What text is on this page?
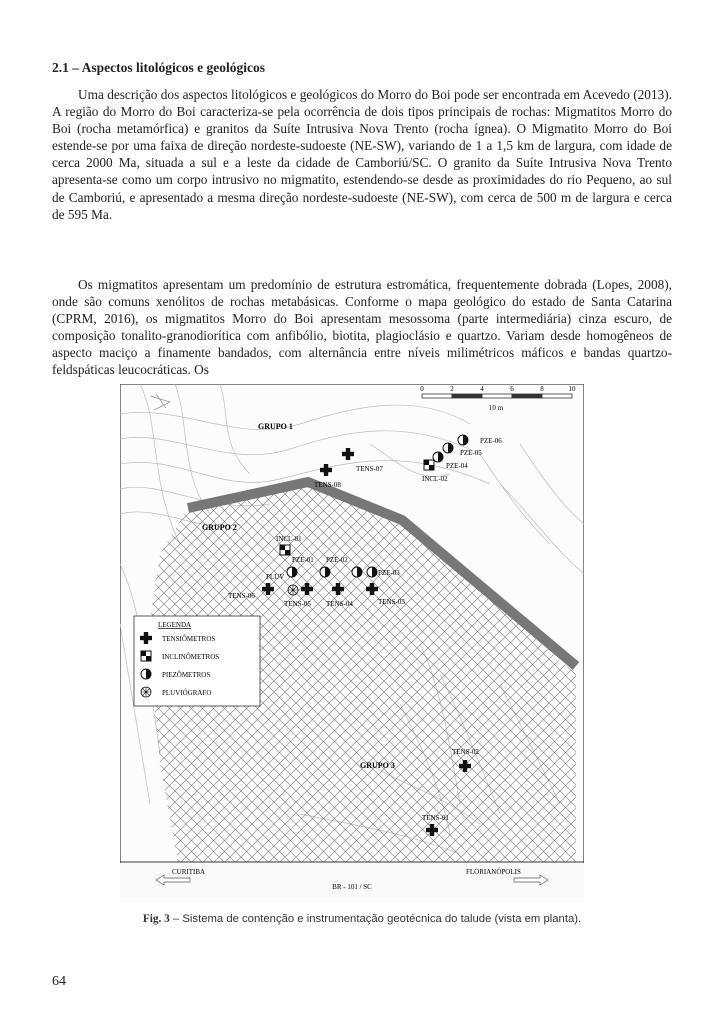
2.1 – Aspectos litológicos e geológicos

Uma descrição dos aspectos litológicos e geológicos do Morro do Boi pode ser encontrada em Acevedo (2013). A região do Morro do Boi caracteriza-se pela ocorrência de dois tipos principais de rochas: Migmatitos Morro do Boi (rocha metamórfica) e granitos da Suíte Intrusiva Nova Trento (rocha ígnea). O Migmatito Morro do Boi estende-se por uma faixa de direção nordeste-sudoeste (NE-SW), variando de 1 a 1,5 km de largura, com idade de cerca 2000 Ma, situada a sul e a leste da cidade de Camboriú/SC. O granito da Suíte Intrusiva Nova Trento apresenta-se como um corpo intrusivo no migmatito, estendendo-se desde as proximidades do rio Pequeno, ao sul de Camboriú, e apresentado a mesma direção nordeste-sudoeste (NE-SW), com cerca de 500 m de largura e cerca de 595 Ma.

Os migmatitos apresentam um predomínio de estrutura estromática, frequentemente dobrada (Lopes, 2008), onde são comuns xenólitos de rochas metabásicas. Conforme o mapa geológico do estado de Santa Catarina (CPRM, 2016), os migmatitos Morro do Boi apresentam mesossoma (parte intermediária) cinza escuro, de composição tonalito-granodiorítica com anfibólio, biotita, plagioclásio e quartzo. Variam desde homogêneos de aspecto maciço a finamente bandados, com alternância entre níveis milimétricos máficos e bandas quartzo-feldspáticas leucocráticas. Os

0	2	4	6	8	10
10 m
GRUPO 1
GRUPO 2
GRUPO 3
TENS-07
TENS-08
PZE-06
PZE-05
PZE-04
INCL-02
INCL-01
PZE-01 PZE-02
PZE-03
PLUV
TENS-06
TENS-05 TENS-04	TENS-03
TENS-02
TENS-01
LEGENDA
TENSIÔMETROS
INCLINÔMETROS
PIEZÔMETROS
PLUVIÓGRAFO
CURITIBA
BR - 101 / SC
FLORIANÓPOLIS
Fig. 3 – Sistema de contenção e instrumentação geotécnica do talude (vista em planta).
64
